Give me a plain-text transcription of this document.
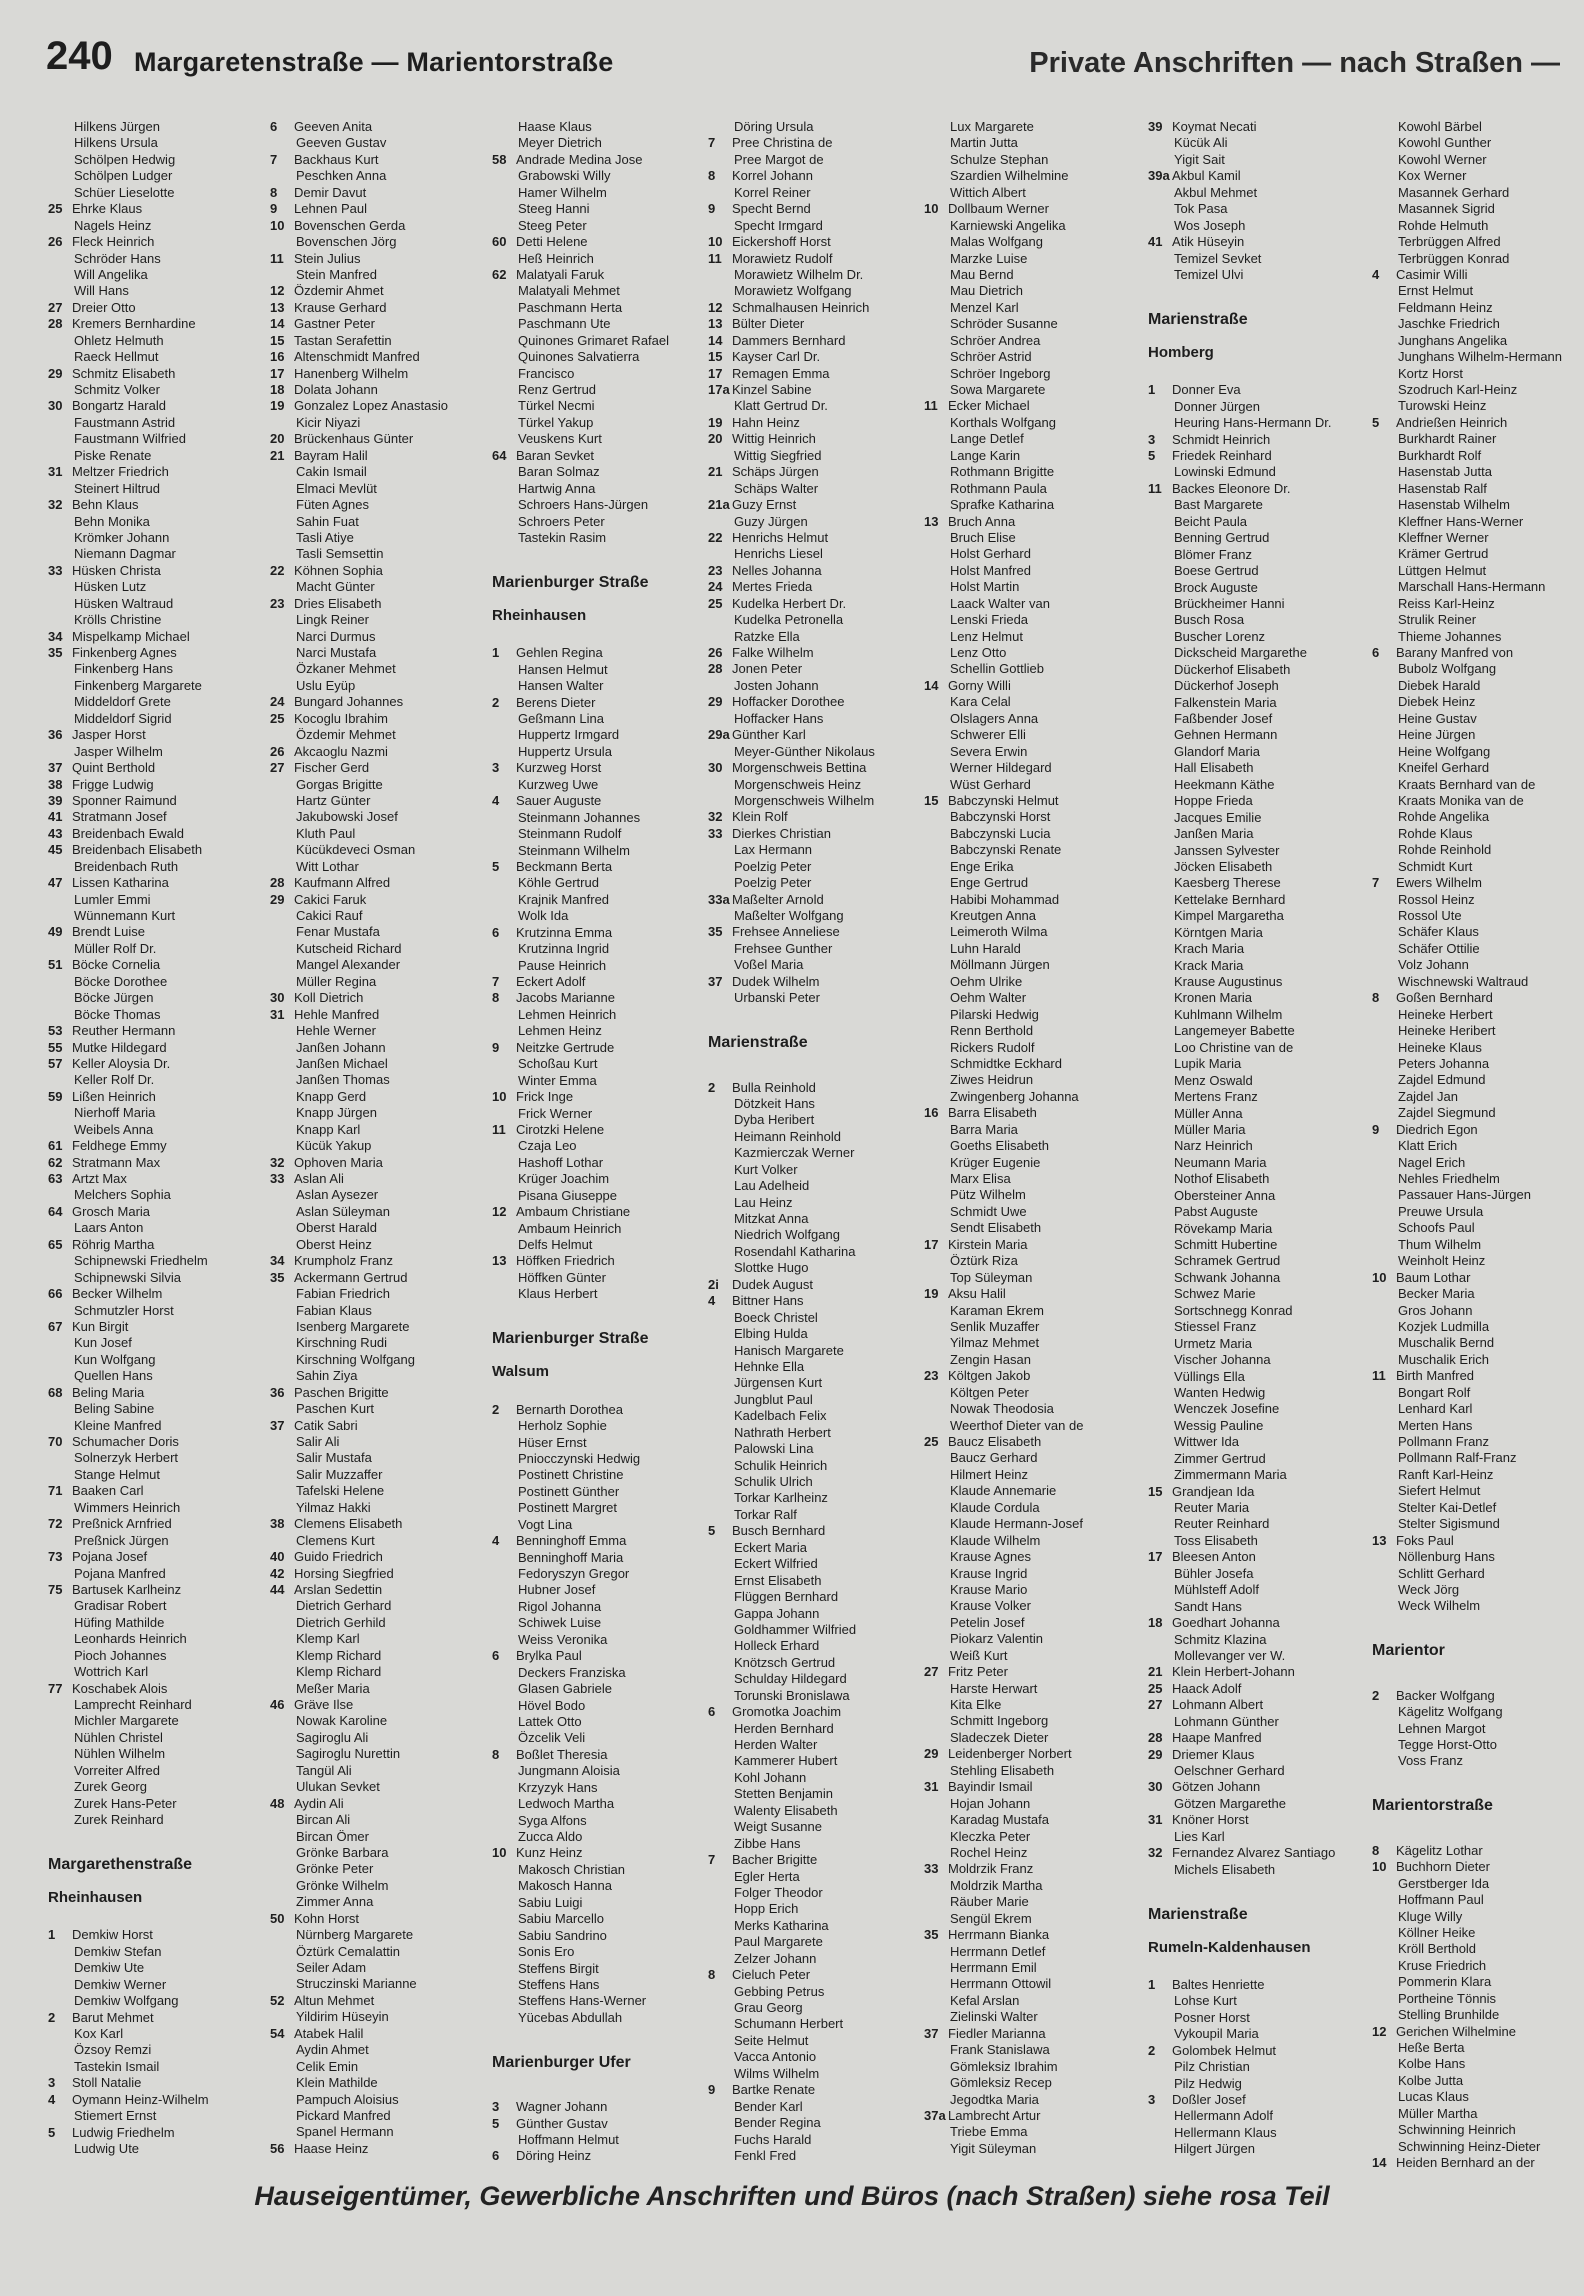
240 Margaretenstraße — Marientorstraße	Private Anschriften — nach Straßen —
Hilkens Jürgen
Hilkens Ursula
Schölpen Hedwig
Schölpen Ludger
Schüer Lieselotte
25 Ehrke Klaus
Nagels Heinz
26 Fleck Heinrich
Schröder Hans
Will Angelika
Will Hans
27 Dreier Otto
28 Kremers Bernhardine
Ohletz Helmuth
Raeck Hellmut
29 Schmitz Elisabeth
Schmitz Volker
30 Bongartz Harald
Faustmann Astrid
Faustmann Wilfried
Piske Renate
31 Meltzer Friedrich
Steinert Hiltrud
32 Behn Klaus
Behn Monika
Krömker Johann
Niemann Dagmar
33 Hüsken Christa
Hüsken Lutz
Hüsken Waltraud
Krölls Christine
34 Mispelkamp Michael
35 Finkenberg Agnes
Finkenberg Hans
Finkenberg Margarete
Middeldorf Grete
Middeldorf Sigrid
36 Jasper Horst
Jasper Wilhelm
37 Quint Berthold
38 Frigge Ludwig
39 Sponner Raimund
41 Stratmann Josef
43 Breidenbach Ewald
45 Breidenbach Elisabeth
Breidenbach Ruth
47 Lissen Katharina
Lumler Emmi
Wünnemann Kurt
49 Brendt Luise
Müller Rolf Dr.
51 Böcke Cornelia
Böcke Dorothee
Böcke Jürgen
Böcke Thomas
53 Reuther Hermann
55 Mutke Hildegard
57 Keller Aloysia Dr.
Keller Rolf Dr.
59 Lißen Heinrich
Nierhoff Maria
Weibels Anna
61 Feldhege Emmy
62 Stratmann Max
63 Artzt Max
Melchers Sophia
64 Grosch Maria
Laars Anton
65 Röhrig Martha
Schipnewski Friedhelm
Schipnewski Silvia
66 Becker Wilhelm
Schmutzler Horst
67 Kun Birgit
Kun Josef
Kun Wolfgang
Quellen Hans
68 Beling Maria
Beling Sabine
Kleine Manfred
70 Schumacher Doris
Solnerzyk Herbert
Stange Helmut
71 Baaken Carl
Wimmers Heinrich
72 Preßnick Arnfried
Preßnick Jürgen
73 Pojana Josef
Pojana Manfred
75 Bartusek Karlheinz
Gradisar Robert
Hüfing Mathilde
Leonhards Heinrich
Pioch Johannes
Wottrich Karl
77 Koschabek Alois
Lamprecht Reinhard
Michler Margarete
Nühlen Christel
Nühlen Wilhelm
Vorreiter Alfred
Zurek Georg
Zurek Hans-Peter
Zurek Reinhard
Margarethenstraße
Rheinhausen
1	Demkiw Horst
Demkiw Stefan
Demkiw Ute
Demkiw Werner
Demkiw Wolfgang
2	Barut Mehmet
Kox Karl
Özsoy Remzi
Tastekin Ismail
3	Stoll Natalie
4	Oymann Heinz-Wilhelm
Stiemert Ernst
5	Ludwig Friedhelm
Ludwig Ute
6	Geeven Anita
Geeven Gustav
7	Backhaus Kurt
Peschken Anna
8	Demir Davut
9	Lehnen Paul
10 Bovenschen Gerda
Bovenschen Jörg
11 Stein Julius
Stein Manfred
12 Özdemir Ahmet
13 Krause Gerhard
14 Gastner Peter
15 Tastan Serafettin
16 Altenschmidt Manfred
17 Hanenberg Wilhelm
18 Dolata Johann
19 Gonzalez Lopez Anastasio
Kicir Niyazi
20 Brückenhaus Günter
21 Bayram Halil
Cakin Ismail
Elmaci Mevlüt
Füten Agnes
Sahin Fuat
Tasli Atiye
Tasli Semsettin
22 Köhnen Sophia
Macht Günter
23 Dries Elisabeth
Lingk Reiner
Narci Durmus
Narci Mustafa
Özkaner Mehmet
Uslu Eyüp
24 Bungard Johannes
25 Kocoglu Ibrahim
Özdemir Mehmet
26 Akcaoglu Nazmi
27 Fischer Gerd
Gorgas Brigitte
Hartz Günter
Jakubowski Josef
Kluth Paul
Kücükdeveci Osman
Witt Lothar
28 Kaufmann Alfred
29 Cakici Faruk
Cakici Rauf
Fenar Mustafa
Kutscheid Richard
Mangel Alexander
Müller Regina
30 Koll Dietrich
31 Hehle Manfred
Hehle Werner
Janßen Johann
Janßen Michael
Janßen Thomas
Knapp Gerd
Knapp Jürgen
Knapp Karl
Kücük Yakup
32 Ophoven Maria
33 Aslan Ali
Aslan Aysezer
Aslan Süleyman
Oberst Harald
Oberst Heinz
34 Krumpholz Franz
35 Ackermann Gertrud
Fabian Friedrich
Fabian Klaus
Isenberg Margarete
Kirschning Rudi
Kirschning Wolfgang
Sahin Ziya
36 Paschen Brigitte
Paschen Kurt
37 Catik Sabri
Salir Ali
Salir Mustafa
Salir Muzzaffer
Tafelski Helene
Yilmaz Hakki
38 Clemens Elisabeth
Clemens Kurt
40 Guido Friedrich
42 Horsing Siegfried
44 Arslan Sedettin
Dietrich Gerhard
Dietrich Gerhild
Klemp Karl
Klemp Richard
Klemp Richard
Meßer Maria
46 Gräve Ilse
Nowak Karoline
Sagiroglu Ali
Sagiroglu Nurettin
Tangül Ali
Ulukan Sevket
48 Aydin Ali
Bircan Ali
Bircan Ömer
Grönke Barbara
Grönke Peter
Grönke Wilhelm
Zimmer Anna
50 Kohn Horst
Nürnberg Margarete
Öztürk Cemalattin
Seiler Adam
Struczinski Marianne
52 Altun Mehmet
Yildirim Hüseyin
54 Atabek Halil
Aydin Ahmet
Celik Emin
Klein Mathilde
Pampuch Aloisius
Pickard Manfred
Spanel Hermann
56 Haase Heinz
Haase Klaus
Meyer Dietrich
58 Andrade Medina Jose
Grabowski Willy
Hamer Wilhelm
Steeg Hanni
Steeg Peter
60 Detti Helene
Heß Heinrich
62 Malatyali Faruk
Malatyali Mehmet
Paschmann Herta
Paschmann Ute
Quinones Grimaret Rafael
Quinones Salvatierra
Francisco
Renz Gertrud
Türkel Necmi
Türkel Yakup
Veuskens Kurt
64 Baran Sevket
Baran Solmaz
Hartwig Anna
Schroers Hans-Jürgen
Schroers Peter
Tastekin Rasim
Marienburger Straße
Rheinhausen
1	Gehlen Regina
Hansen Helmut
Hansen Walter
2	Berens Dieter
Geßmann Lina
Huppertz Irmgard
Huppertz Ursula
3	Kurzweg Horst
Kurzweg Uwe
4	Sauer Auguste
Steinmann Johannes
Steinmann Rudolf
Steinmann Wilhelm
5	Beckmann Berta
Köhle Gertrud
Krajnik Manfred
Wolk Ida
6	Krutzinna Emma
Krutzinna Ingrid
Pause Heinrich
7	Eckert Adolf
8	Jacobs Marianne
Lehmen Heinrich
Lehmen Heinz
9	Neitzke Gertrude
Schoßau Kurt
Winter Emma
10 Frick Inge
Frick Werner
11 Cirotzki Helene
Czaja Leo
Hashoff Lothar
Krüger Joachim
Pisana Giuseppe
12 Ambaum Christiane
Ambaum Heinrich
Delfs Helmut
13 Höffken Friedrich
Höffken Günter
Klaus Herbert
Marienburger Straße
Walsum
2	Bernarth Dorothea
Herholz Sophie
Hüser Ernst
Pniocczynski Hedwig
Postinett Christine
Postinett Günther
Postinett Margret
Vogt Lina
4	Benninghoff Emma
Benninghoff Maria
Fedoryszyn Gregor
Hubner Josef
Rigol Johanna
Schiwek Luise
Weiss Veronika
6	Brylka Paul
Deckers Franziska
Glasen Gabriele
Hövel Bodo
Lattek Otto
Özcelik Veli
8	Boßlet Theresia
Jungmann Aloisia
Krzyzyk Hans
Ledwoch Martha
Syga Alfons
Zucca Aldo
10 Kunz Heinz
Makosch Christian
Makosch Hanna
Sabiu Luigi
Sabiu Marcello
Sabiu Sandrino
Sonis Ero
Steffens Birgit
Steffens Hans
Steffens Hans-Werner
Yücebas Abdullah
Marienburger Ufer
3	Wagner Johann
5	Günther Gustav
Hoffmann Helmut
6	Döring Heinz
Döring Ursula
7	Pree Christina de
Pree Margot de
8	Korrel Johann
Korrel Reiner
9	Specht Bernd
Specht Irmgard
10 Eickershoff Horst
11 Morawietz Rudolf
Morawietz Wilhelm Dr.
Morawietz Wolfgang
12 Schmalhausen Heinrich
13 Bülter Dieter
14 Dammers Bernhard
15 Kayser Carl Dr.
17 Remagen Emma
17a Kinzel Sabine
Klatt Gertrud Dr.
19 Hahn Heinz
20 Wittig Heinrich
Wittig Siegfried
21 Schäps Jürgen
Schäps Walter
21a Guzy Ernst
Guzy Jürgen
22 Henrichs Helmut
Henrichs Liesel
23 Nelles Johanna
24 Mertes Frieda
25 Kudelka Herbert Dr.
Kudelka Petronella
Ratzke Ella
26 Falke Wilhelm
28 Jonen Peter
Josten Johann
29 Hoffacker Dorothee
Hoffacker Hans
29a Günther Karl
Meyer-Günther Nikolaus
30 Morgenschweis Bettina
Morgenschweis Heinz
Morgenschweis Wilhelm
32 Klein Rolf
33 Dierkes Christian
Lax Hermann
Poelzig Peter
Poelzig Peter
33a Maßelter Arnold
Maßelter Wolfgang
35 Frehsee Anneliese
Frehsee Gunther
Voßel Maria
37 Dudek Wilhelm
Urbanski Peter
Marienstraße
2	Bulla Reinhold
Dötzkeit Hans
Dyba Heribert
Heimann Reinhold
Kazmierczak Werner
Kurt Volker
Lau Adelheid
Lau Heinz
Mitzkat Anna
Niedrich Wolfgang
Rosendahl Katharina
Slottke Hugo
2i	Dudek August
4	Bittner Hans
Boeck Christel
Elbing Hulda
Hanisch Margarete
Hehnke Ella
Jürgensen Kurt
Jungblut Paul
Kadelbach Felix
Nathrath Herbert
Palowski Lina
Schulik Heinrich
Schulik Ulrich
Torkar Karlheinz
Torkar Ralf
5	Busch Bernhard
Eckert Maria
Eckert Wilfried
Ernst Elisabeth
Flüggen Bernhard
Gappa Johann
Goldhammer Wilfried
Holleck Erhard
Knötzsch Gertrud
Schulday Hildegard
Torunski Bronislawa
6	Gromotka Joachim
Herden Bernhard
Herden Walter
Kammerer Hubert
Kohl Johann
Stetten Benjamin
Walenty Elisabeth
Weigt Susanne
Zibbe Hans
7	Bacher Brigitte
Egler Herta
Folger Theodor
Hopp Erich
Merks Katharina
Paul Margarete
Zelzer Johann
8	Cieluch Peter
Gebbing Petrus
Grau Georg
Schumann Herbert
Seite Helmut
Vacca Antonio
Wilms Wilhelm
9	Bartke Renate
Bender Karl
Bender Regina
Fuchs Harald
Fenkl Fred
Lux Margarete
Martin Jutta
Schulze Stephan
Szardien Wilhelmine
Wittich Albert
10 Dollbaum Werner
Karniewski Angelika
Malas Wolfgang
Marzke Luise
Mau Bernd
Mau Dietrich
Menzel Karl
Schröder Susanne
Schröer Andrea
Schröer Astrid
Schröer Ingeborg
Sowa Margarete
11 Ecker Michael
Korthals Wolfgang
Lange Detlef
Lange Karin
Rothmann Brigitte
Rothmann Paula
Sprafke Katharina
13 Bruch Anna
Bruch Elise
Holst Gerhard
Holst Manfred
Holst Martin
Laack Walter van
Lenski Frieda
Lenz Helmut
Lenz Otto
Schellin Gottlieb
14 Gorny Willi
Kara Celal
Olslagers Anna
Schwerer Elli
Severa Erwin
Werner Hildegard
Wüst Gerhard
15 Babczynski Helmut
Babczynski Horst
Babczynski Lucia
Babczynski Renate
Enge Erika
Enge Gertrud
Habibi Mohammad
Kreutgen Anna
Leimeroth Wilma
Luhn Harald
Möllmann Jürgen
Oehm Ulrike
Oehm Walter
Pilarski Hedwig
Renn Berthold
Rickers Rudolf
Schmidtke Eckhard
Ziwes Heidrun
Zwingenberg Johanna
16 Barra Elisabeth
Barra Maria
Goeths Elisabeth
Krüger Eugenie
Marx Elisa
Pütz Wilhelm
Schmidt Uwe
Sendt Elisabeth
17 Kirstein Maria
Öztürk Riza
Top Süleyman
19 Aksu Halil
Karaman Ekrem
Senlik Muzaffer
Yilmaz Mehmet
Zengin Hasan
23 Költgen Jakob
Költgen Peter
Nowak Theodosia
Weerthof Dieter van de
25 Baucz Elisabeth
Baucz Gerhard
Hilmert Heinz
Klaude Annemarie
Klaude Cordula
Klaude Hermann-Josef
Klaude Wilhelm
Krause Agnes
Krause Ingrid
Krause Mario
Krause Volker
Petelin Josef
Piokarz Valentin
Weiß Kurt
27 Fritz Peter
Harste Herwart
Kita Elke
Schmitt Ingeborg
Sladeczek Dieter
29 Leidenberger Norbert
Stehling Elisabeth
31 Bayindir Ismail
Hojan Johann
Karadag Mustafa
Kleczka Peter
Rochel Heinz
33 Moldrzik Franz
Moldrzik Martha
Räuber Marie
Sengül Ekrem
35 Herrmann Bianka
Herrmann Detlef
Herrmann Emil
Herrmann Ottowil
Kefal Arslan
Zielinski Walter
37 Fiedler Marianna
Frank Stanislawa
Gömleksiz Ibrahim
Gömleksiz Recep
Jegodtka Maria
37a Lambrecht Artur
Triebe Emma
Yigit Süleyman
39 Koymat Necati
Kücük Ali
Yigit Sait
39a Akbul Kamil
Akbul Mehmet
Tok Pasa
Wos Joseph
41 Atik Hüseyin
Temizel Sevket
Temizel Ulvi
Marienstraße
Homberg
1	Donner Eva
Donner Jürgen
Heuring Hans-Hermann Dr.
3	Schmidt Heinrich
5	Friedek Reinhard
Lowinski Edmund
11 Backes Eleonore Dr.
Bast Margarete
Beicht Paula
Benning Gertrud
Blömer Franz
Boese Gertrud
Brock Auguste
Brückheimer Hanni
Busch Rosa
Buscher Lorenz
Dickscheid Margarethe
Dückerhof Elisabeth
Dückerhof Joseph
Falkenstein Maria
Faßbender Josef
Gehnen Hermann
Glandorf Maria
Hall Elisabeth
Heekmann Käthe
Hoppe Frieda
Jacques Emilie
Janßen Maria
Janssen Sylvester
Jöcken Elisabeth
Kaesberg Therese
Kettelake Bernhard
Kimpel Margaretha
Körntgen Maria
Krach Maria
Krack Maria
Krause Augustinus
Kronen Maria
Kuhlmann Wilhelm
Langemeyer Babette
Loo Christine van de
Lupik Maria
Menz Oswald
Mertens Franz
Müller Anna
Müller Maria
Narz Heinrich
Neumann Maria
Nothof Elisabeth
Obersteiner Anna
Pabst Auguste
Rövekamp Maria
Schmitt Hubertine
Schramek Gertrud
Schwank Johanna
Schwez Marie
Sortschnegg Konrad
Stiessel Franz
Urmetz Maria
Vischer Johanna
Vüllings Ella
Wanten Hedwig
Wenczek Josefine
Wessig Pauline
Wittwer Ida
Zimmer Gertrud
Zimmermann Maria
15 Grandjean Ida
Reuter Maria
Reuter Reinhard
Toss Elisabeth
17 Bleesen Anton
Bühler Josefa
Mühlsteff Adolf
Sandt Hans
18 Goedhart Johanna
Schmitz Klazina
Mollevanger ver W.
21 Klein Herbert-Johann
25 Haack Adolf
27 Lohmann Albert
Lohmann Günther
28 Haape Manfred
29 Driemer Klaus
Oelschner Gerhard
30 Götzen Johann
Götzen Margarethe
31 Knöner Horst
Lies Karl
32 Fernandez Alvarez Santiago
Michels Elisabeth
Marienstraße
Rumeln-Kaldenhausen
1	Baltes Henriette
Lohse Kurt
Posner Horst
Vykoupil Maria
2	Golombek Helmut
Pilz Christian
Pilz Hedwig
3	Doßler Josef
Hellermann Adolf
Hellermann Klaus
Hilgert Jürgen
Kowohl Bärbel
Kowohl Gunther
Kowohl Werner
Kox Werner
Masannek Gerhard
Masannek Sigrid
Rohde Helmuth
Terbrüggen Alfred
Terbrüggen Konrad
4	Casimir Willi
Ernst Helmut
Feldmann Heinz
Jaschke Friedrich
Junghans Angelika
Junghans Wilhelm-Hermann
Kortz Horst
Szodruch Karl-Heinz
Turowski Heinz
5	Andrießen Heinrich
Burkhardt Rainer
Burkhardt Rolf
Hasenstab Jutta
Hasenstab Ralf
Hasenstab Wilhelm
Kleffner Hans-Werner
Kleffner Werner
Krämer Gertrud
Lüttgen Helmut
Marschall Hans-Hermann
Reiss Karl-Heinz
Strulik Reiner
Thieme Johannes
6	Barany Manfred von
Bubolz Wolfgang
Diebek Harald
Diebek Heinz
Heine Gustav
Heine Jürgen
Heine Wolfgang
Kneifel Gerhard
Kraats Bernhard van de
Kraats Monika van de
Rohde Angelika
Rohde Klaus
Rohde Reinhold
Schmidt Kurt
7	Ewers Wilhelm
Rossol Heinz
Rossol Ute
Schäfer Klaus
Schäfer Ottilie
Volz Johann
Wischnewski Waltraud
8	Goßen Bernhard
Heineke Herbert
Heineke Heribert
Heineke Klaus
Peters Johanna
Zajdel Edmund
Zajdel Jan
Zajdel Siegmund
9	Diedrich Egon
Klatt Erich
Nagel Erich
Nehles Friedhelm
Passauer Hans-Jürgen
Preuwe Ursula
Schoofs Paul
Thum Wilhelm
Weinholt Heinz
10 Baum Lothar
Becker Maria
Gros Johann
Kozjek Ludmilla
Muschalik Bernd
Muschalik Erich
11 Birth Manfred
Bongart Rolf
Lenhard Karl
Merten Hans
Pollmann Franz
Pollmann Ralf-Franz
Ranft Karl-Heinz
Siefert Helmut
Stelter Kai-Detlef
Stelter Sigismund
13 Foks Paul
Nöllenburg Hans
Schlitt Gerhard
Weck Jörg
Weck Wilhelm
Marientor
2	Backer Wolfgang
Kägelitz Wolfgang
Lehnen Margot
Tegge Horst-Otto
Voss Franz
Marientorstraße
8	Kägelitz Lothar
10 Buchhorn Dieter
Gerstberger Ida
Hoffmann Paul
Kluge Willy
Köllner Heike
Kröll Berthold
Kruse Friedrich
Pommerin Klara
Portheine Tönnis
Stelling Brunhilde
12 Gerichen Wilhelmine
Heße Berta
Kolbe Hans
Kolbe Jutta
Lucas Klaus
Müller Martha
Schwinning Heinrich
Schwinning Heinz-Dieter
14 Heiden Bernhard an der
Hauseigentümer, Gewerbliche Anschriften und Büros (nach Straßen) siehe rosa Teil
